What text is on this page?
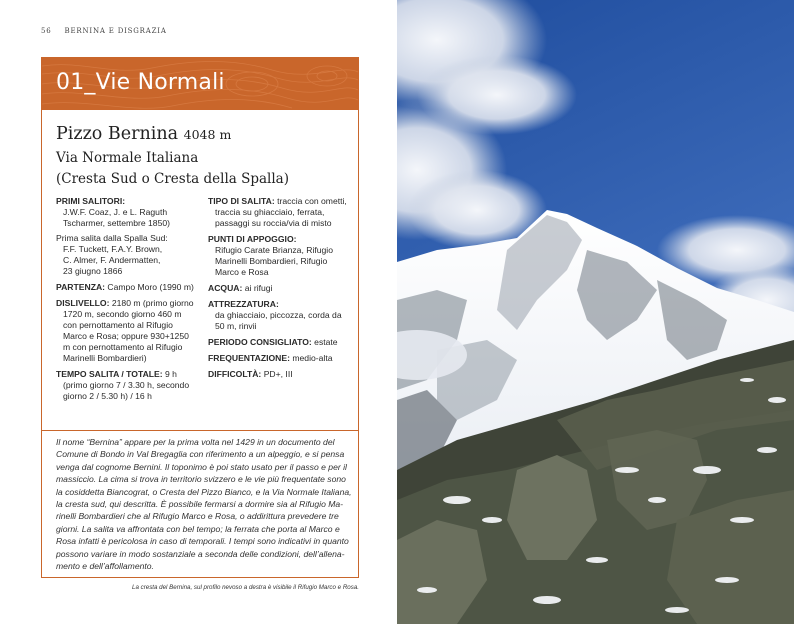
56 BERNINA E DISGRAZIA
01_Vie Normali
Pizzo Bernina 4048 m
Via Normale Italiana
(Cresta Sud o Cresta della Spalla)
PRIMI SALITORI:
J.W.F. Coaz, J. e L. Raguth
Tscharmer, settembre 1850)
Prima salita dalla Spalla Sud:
F.F. Tuckett, F.A.Y. Brown,
C. Almer, F. Andermatten,
23 giugno 1866
PARTENZA: Campo Moro (1990 m)
DISLIVELLO: 2180 m (primo giorno
1720 m, secondo giorno 460 m
con pernottamento al Rifugio
Marco e Rosa; oppure 930+1250
m con pernottamento al Rifugio
Marinelli Bombardieri)
TEMPO SALITA / TOTALE: 9 h
(primo giorno 7 / 3.30 h, secondo
giorno 2 / 5.30 h) / 16 h
TIPO DI SALITA: traccia con ometti,
traccia su ghiacciaio, ferrata,
passaggi su roccia/via di misto
PUNTI DI APPOGGIO:
Rifugio Carate Brianza, Rifugio
Marinelli Bombardieri, Rifugio
Marco e Rosa
ACQUA: ai rifugi
ATTREZZATURA:
da ghiacciaio, piccozza, corda da
50 m, rinvii
PERIODO CONSIGLIATO: estate
FREQUENTAZIONE: medio-alta
DIFFICOLTÀ: PD+, III
Il nome “Bernina” appare per la prima volta nel 1429 in un documento del
Comune di Bondo in Val Bregaglia con riferimento a un alpeggio, e si pensa
venga dal cognome Bernini. Il toponimo è poi stato usato per il passo e per il
massiccio. La cima si trova in territorio svizzero e le vie più frequentate sono
la cosiddetta Biancograt, o Cresta del Pizzo Bianco, e la Via Normale Italiana,
la cresta sud, qui descritta. È possibile fermarsi a dormire sia al Rifugio Ma-
rinelli Bombardieri che al Rifugio Marco e Rosa, o addirittura prevedere tre
giorni. La salita va affrontata con bel tempo; la ferrata che porta al Marco e
Rosa infatti è pericolosa in caso di temporali. I tempi sono indicativi in quanto
possono variare in modo sostanziale a seconda delle condizioni, dell’allena-
mento e dell’affollamento.
La cresta del Bernina, sul profilo nevoso a destra è visibile il Rifugio Marco e Rosa.
